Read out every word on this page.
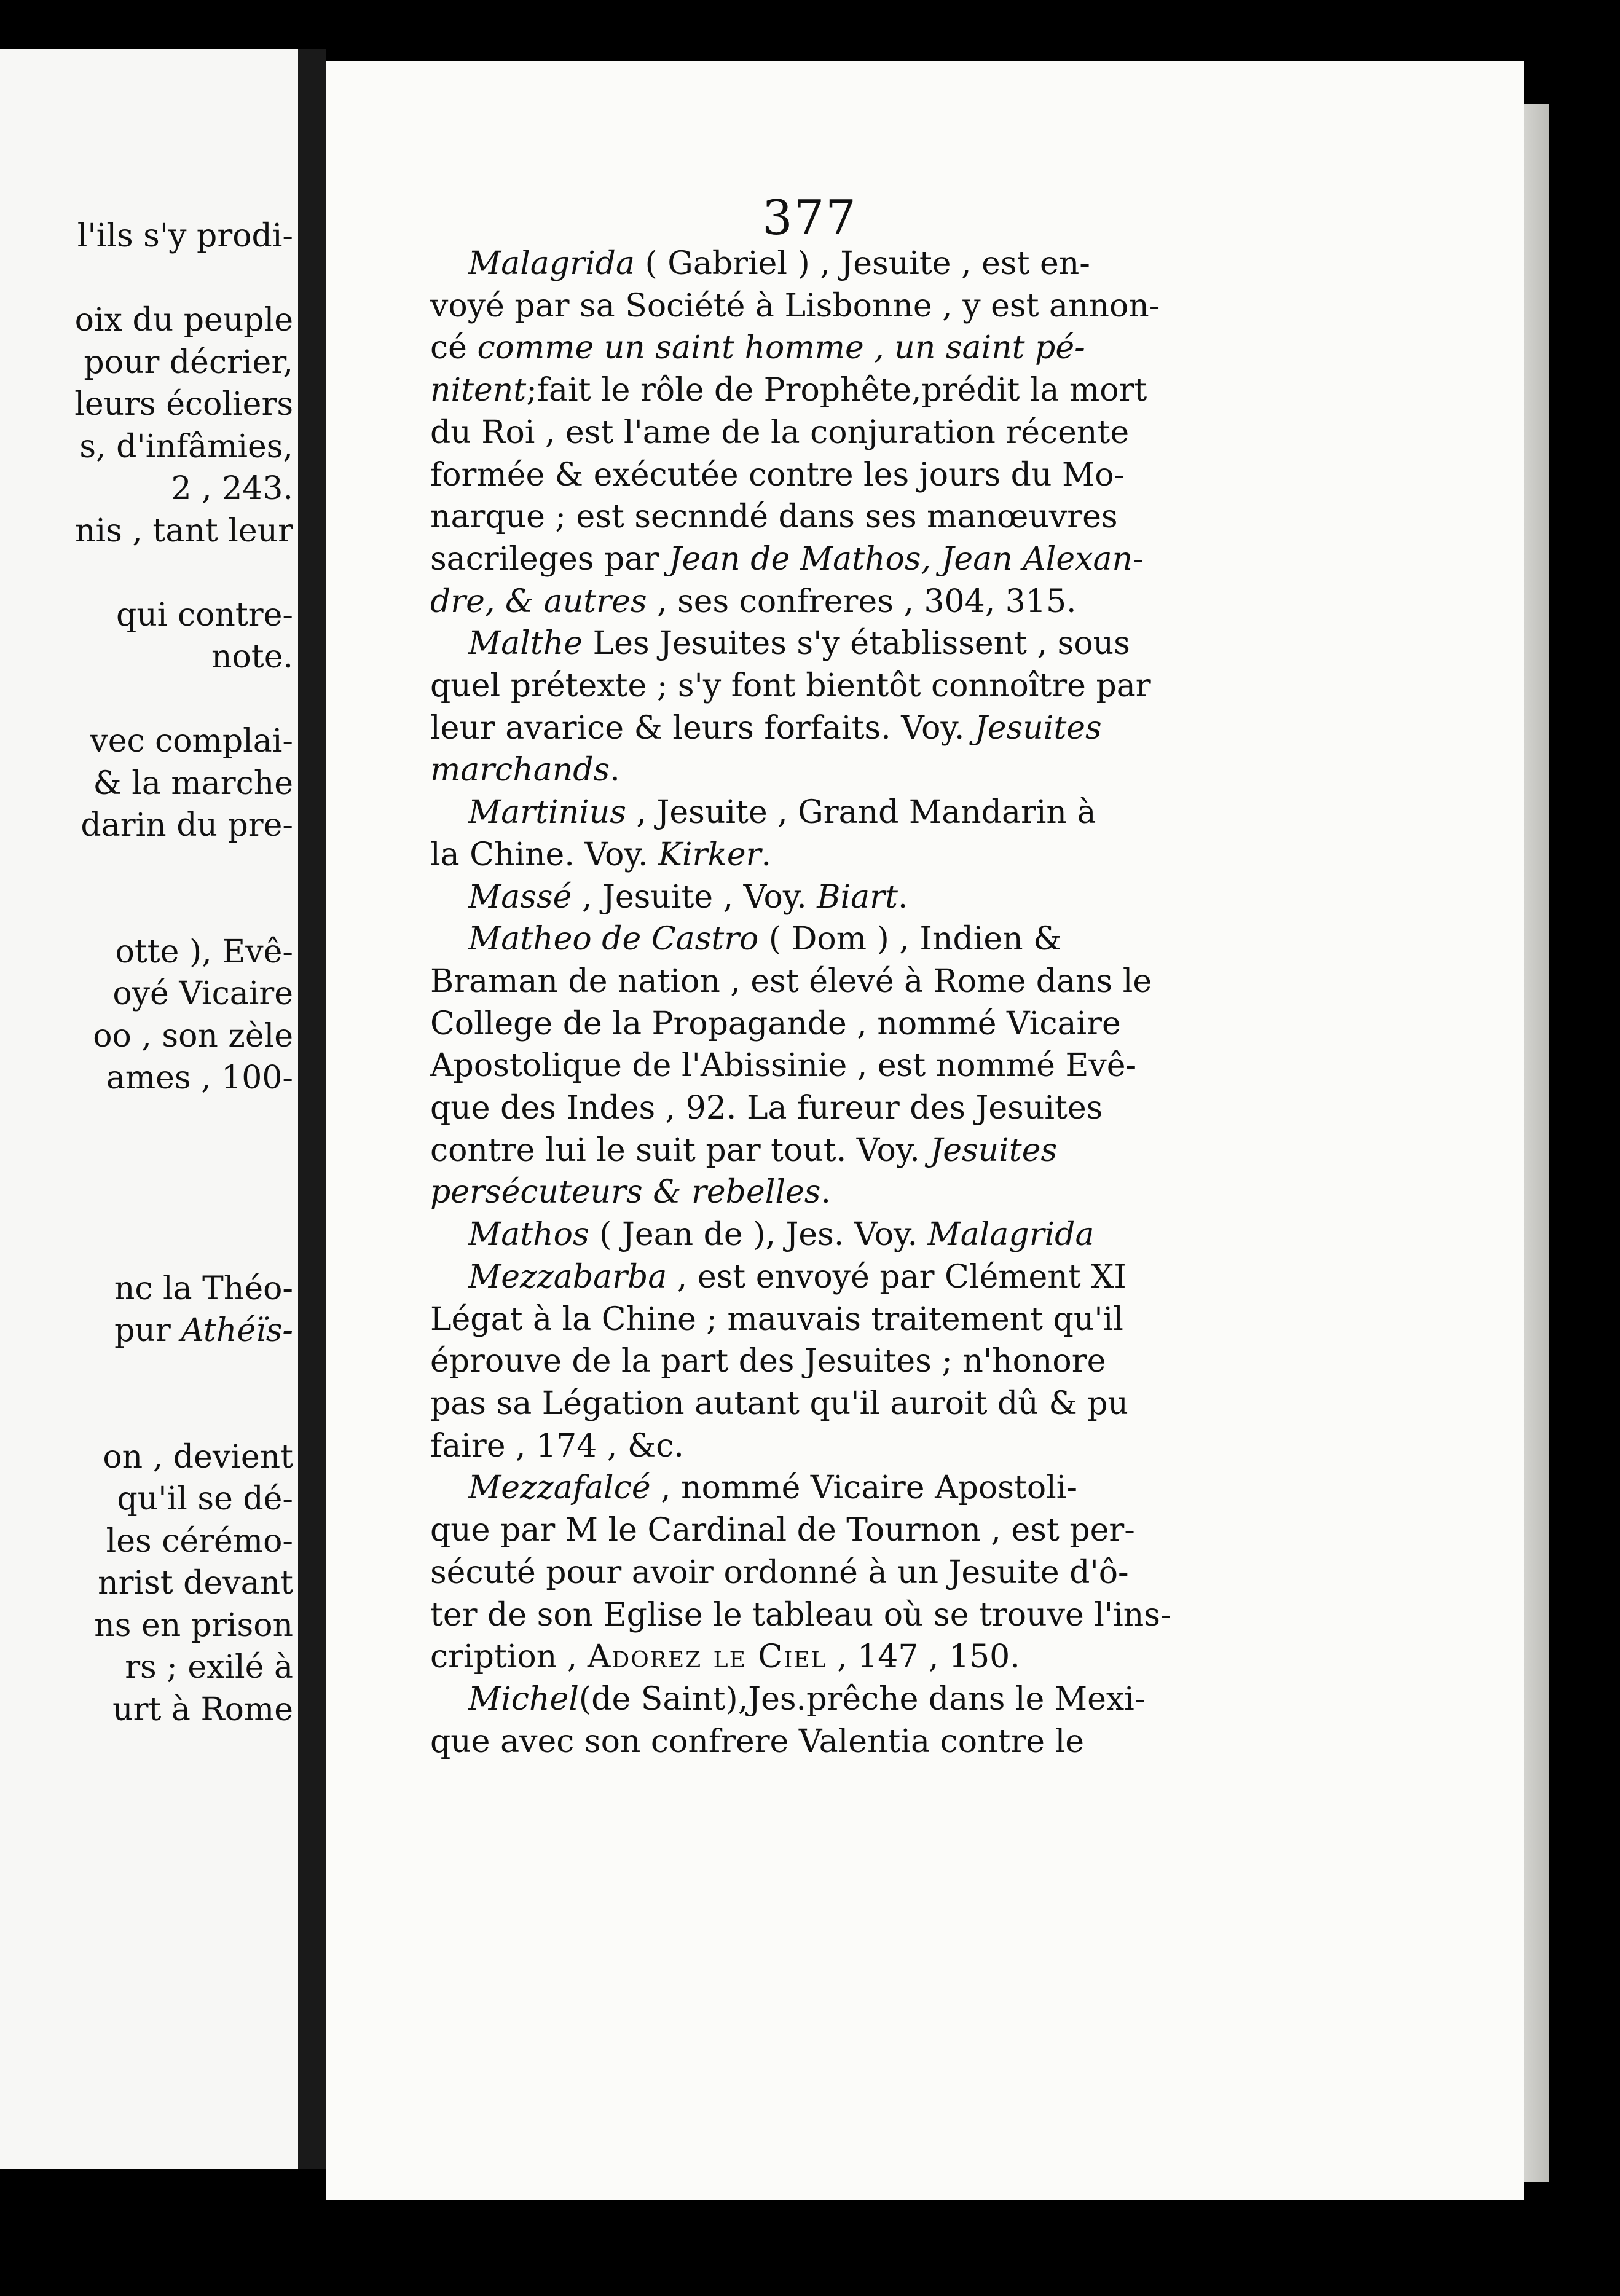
l'ils s'y prodi-

oix du peuple
pour décrier,
leurs écoliers
s, d'infâmies,
2 , 243.
nis , tant leur

qui contre-
note.

vec complai-
& la marche
darin du pre-

otte ), Evê-
oyé Vicaire
oo , son zèle
ames , 100-

nc la Théo-
pur Athéïs-

on , devient
qu'il se dé-
les cérémo-
nrist devant
ns en prison
rs ; exilé à
urt à Rome
377
Malagrida ( Gabriel ) , Jesuite , est en-
voyé par sa Société à Lisbonne , y est annon-
cé comme un saint homme , un saint pé-
nitent;fait le rôle de Prophête,prédit la mort
du Roi , est l'ame de la conjuration récente
formée & exécutée contre les jours du Mo-
narque ; est secnndé dans ses manœuvres
sacrileges par Jean de Mathos, Jean Alexan-
dre, & autres , ses confreres , 304, 315.
Malthe Les Jesuites s'y établissent , sous
quel prétexte ; s'y font bientôt connoître par
leur avarice & leurs forfaits. Voy. Jesuites
marchands.
Martinius , Jesuite , Grand Mandarin à
la Chine. Voy. Kirker.
Massé , Jesuite , Voy. Biart.
Matheo de Castro ( Dom ) , Indien &
Braman de nation , est élevé à Rome dans le
College de la Propagande , nommé Vicaire
Apostolique de l'Abissinie , est nommé Evê-
que des Indes , 92. La fureur des Jesuites
contre lui le suit par tout. Voy. Jesuites
persécuteurs & rebelles.
Mathos ( Jean de ), Jes. Voy. Malagrida
Mezzabarba , est envoyé par Clément XI
Légat à la Chine ; mauvais traitement qu'il
éprouve de la part des Jesuites ; n'honore
pas sa Légation autant qu'il auroit dû & pu
faire , 174 , &c.
Mezzafalcé , nommé Vicaire Apostoli-
que par M le Cardinal de Tournon , est per-
sécuté pour avoir ordonné à un Jesuite d'ô-
ter de son Eglise le tableau où se trouve l'ins-
cription , Adorez le Ciel , 147 , 150.
Michel(de Saint),Jes.prêche dans le Mexi-
que avec son confrere Valentia contre le
